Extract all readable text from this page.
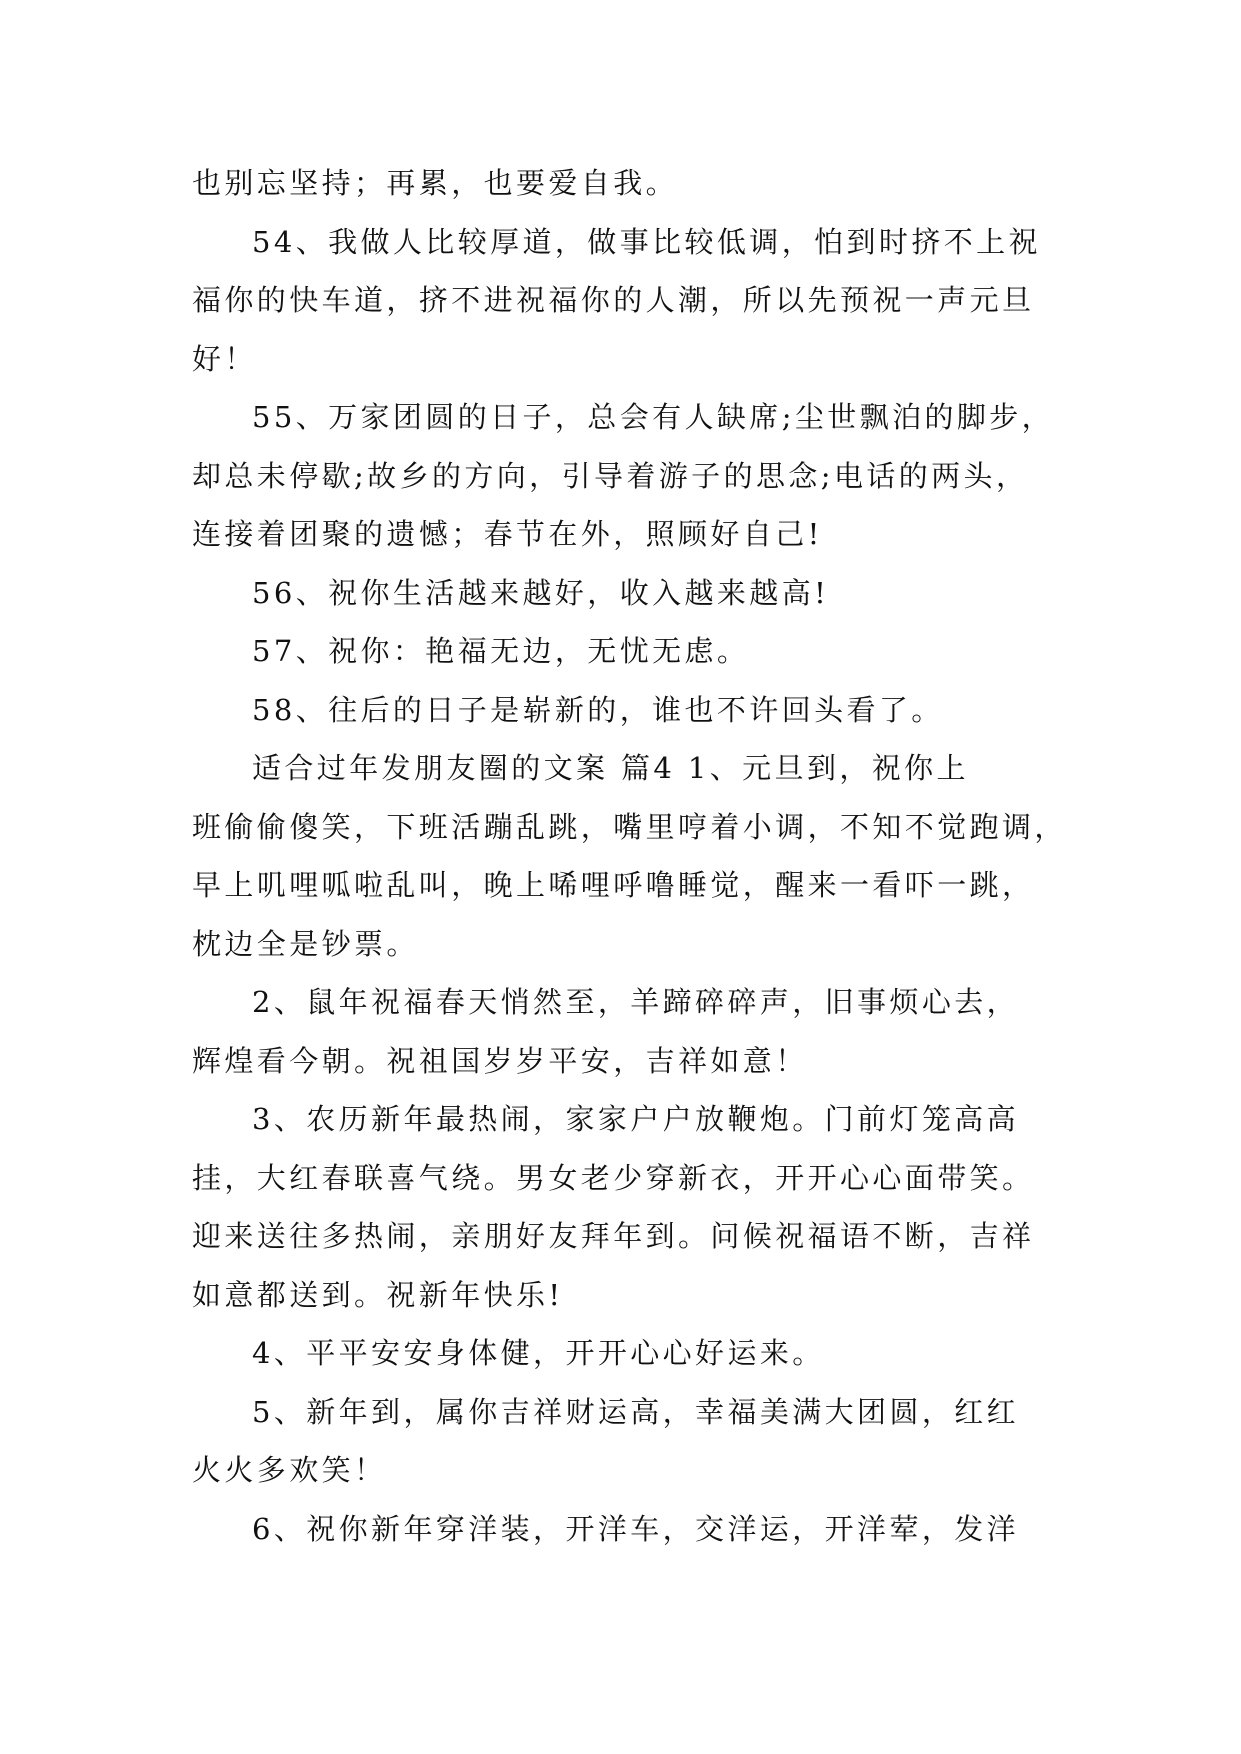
也别忘坚持；再累，也要爱自我。

54、我做人比较厚道，做事比较低调，怕到时挤不上祝
福你的快车道，挤不进祝福你的人潮，所以先预祝一声元旦
好！

55、万家团圆的日子，总会有人缺席;尘世飘泊的脚步，
却总未停歇;故乡的方向，引导着游子的思念;电话的两头，
连接着团聚的遗憾；春节在外，照顾好自己!

56、祝你生活越来越好，收入越来越高!

57、祝你：艳福无边，无忧无虑。

58、往后的日子是崭新的，谁也不许回头看了。

适合过年发朋友圈的文案 篇4 1、元旦到，祝你上
班偷偷傻笑，下班活蹦乱跳，嘴里哼着小调，不知不觉跑调，
早上叽哩呱啦乱叫，晚上唏哩呼噜睡觉，醒来一看吓一跳，
枕边全是钞票。

2、鼠年祝福春天悄然至，羊蹄碎碎声，旧事烦心去，
辉煌看今朝。祝祖国岁岁平安，吉祥如意！

3、农历新年最热闹，家家户户放鞭炮。门前灯笼高高
挂，大红春联喜气绕。男女老少穿新衣，开开心心面带笑。
迎来送往多热闹，亲朋好友拜年到。问候祝福语不断，吉祥
如意都送到。祝新年快乐!

4、平平安安身体健，开开心心好运来。

5、新年到，属你吉祥财运高，幸福美满大团圆，红红
火火多欢笑！

6、祝你新年穿洋装，开洋车，交洋运，开洋荤，发洋
